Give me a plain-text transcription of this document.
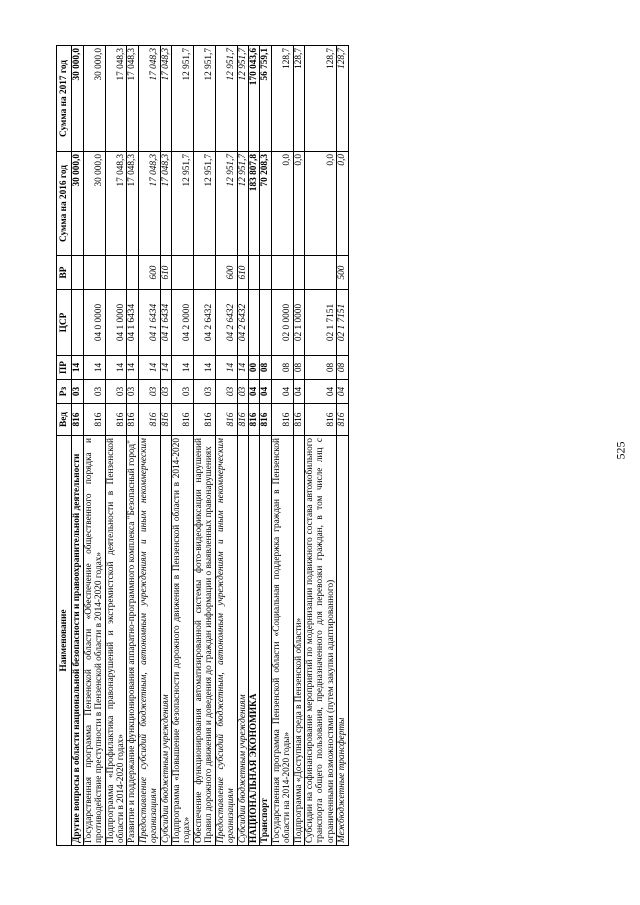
525
Наименование	Вед	Рз	ПР	ЦСР	ВР	Сумма на 2016 год	Сумма на 2017 год
Другие вопросы в области национальной безопасности и правоохранительной деятельности	816	03	14			30 000,0	30 000,0
Государственная программа Пензенской области «Обеспечение общественного порядка и противодействие преступности в Пензенской области в 2014-2020 годах»	816	03	14	04 0 0000		30 000,0	30 000,0
Подпрограмма «Профилактика правонарушений и экстремистской деятельности в Пензенской области в 2014-2020 годах»	816	03	14	04 1 0000		17 048,3	17 048,3
Развитие и поддержание функционирования аппаратно-программного комплекса "Безопасный город"	816	03	14	04 1 6434		17 048,3	17 048,3
Предоставление субсидий бюджетным, автономным учреждениям и иным некоммерческим организациям	816	03	14	04 1 6434	600	17 048,3	17 048,3
Субсидии бюджетным учреждениям	816	03	14	04 1 6434	610	17 048,3	17 048,3
Подпрограмма «Повышение безопасности дорожного движения в Пензенской области в 2014-2020 годах»	816	03	14	04 2 0000		12 951,7	12 951,7
Обеспечение функционирования автоматизированной системы фото-видеофиксации нарушений Правил дорожного движения и доведения до граждан информации о выявленных правонарушениях	816	03	14	04 2 6432		12 951,7	12 951,7
Предоставление субсидий бюджетным, автономным учреждениям и иным некоммерческим организациям	816	03	14	04 2 6432	600	12 951,7	12 951,7
Субсидии бюджетным учреждениям	816	03	14	04 2 6432	610	12 951,7	12 951,7
НАЦИОНАЛЬНАЯ ЭКОНОМИКА	816	04	00			183 807,8	170 043,6
Транспорт	816	04	08			70 208,3	56 759,1
Государственная программа Пензенской области «Социальная поддержка граждан в Пензенской области на 2014-2020 годы»	816	04	08	02 0 0000		0,0	128,7
Подпрограмма «Доступная среда в Пензенской области»	816	04	08	02 1 0000		0,0	128,7
Субсидии на софинансирование мероприятий по модернизации подвижного состава автомобильного транспорта общего пользования, предназначенного для перевозки граждан, в том числе лиц с ограниченными возможностями (путем закупки адаптированного)	816	04	08	02 1 7151		0,0	128,7
Межбюджетные трансферты	816	04	08	02 1 7151	500	0,0	128,7
